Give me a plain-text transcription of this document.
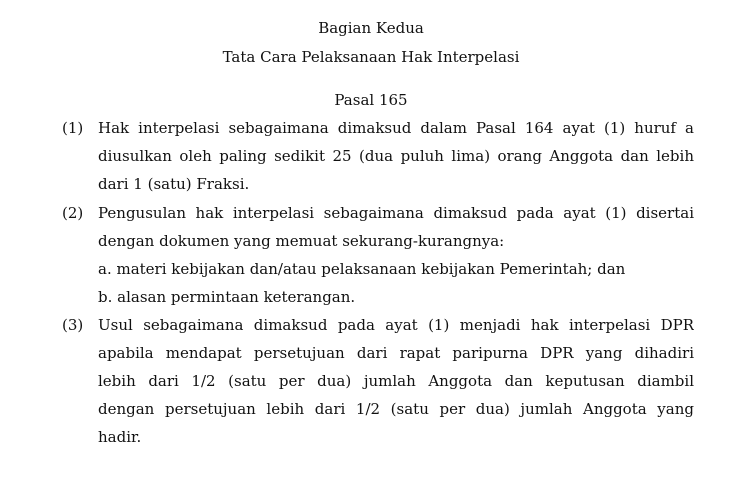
Bagian Kedua
Tata Cara Pelaksanaan Hak Interpelasi
Pasal 165
(1) Hak interpelasi sebagaimana dimaksud dalam Pasal 164 ayat (1) huruf a
diusulkan oleh paling sedikit 25 (dua puluh lima) orang Anggota dan lebih
dari 1 (satu) Fraksi.
(2) Pengusulan hak interpelasi sebagaimana dimaksud pada ayat (1) disertai
dengan dokumen yang memuat sekurang-kurangnya:
a. materi kebijakan dan/atau pelaksanaan kebijakan Pemerintah; dan
b. alasan permintaan keterangan.
(3) Usul sebagaimana dimaksud pada ayat (1) menjadi hak interpelasi DPR
apabila mendapat persetujuan dari rapat paripurna DPR yang dihadiri
lebih dari 1/2 (satu per dua) jumlah Anggota dan keputusan diambil
dengan persetujuan lebih dari 1/2 (satu per dua) jumlah Anggota yang
hadir.
